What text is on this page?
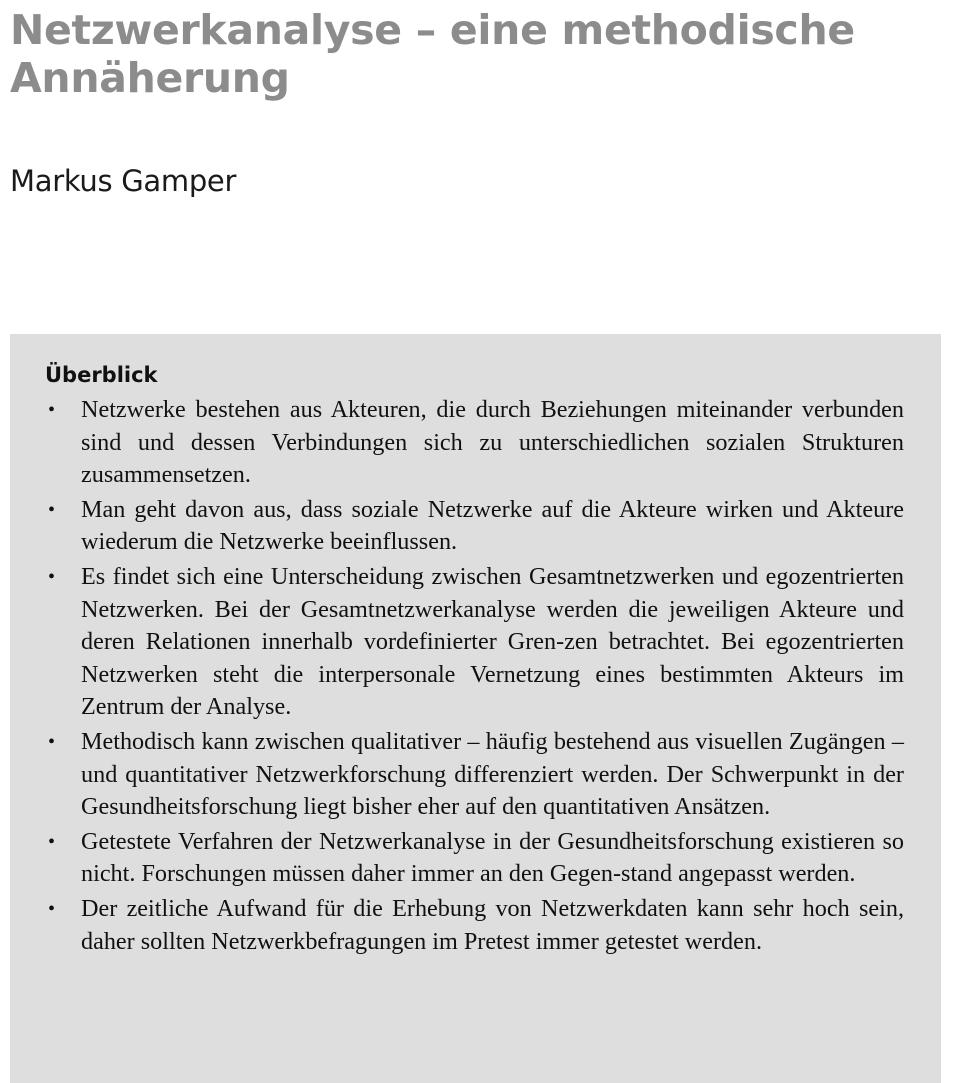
Netzwerkanalyse – eine methodische Annäherung
Markus Gamper
Überblick
• Netzwerke bestehen aus Akteuren, die durch Beziehungen miteinander verbunden sind und dessen Verbindungen sich zu unterschiedlichen sozialen Strukturen zusammensetzen.
• Man geht davon aus, dass soziale Netzwerke auf die Akteure wirken und Akteure wiederum die Netzwerke beeinflussen.
• Es findet sich eine Unterscheidung zwischen Gesamtnetzwerken und egozentrierten Netzwerken. Bei der Gesamtnetzwerkanalyse werden die jeweiligen Akteure und deren Relationen innerhalb vordefinierter Gren-zen betrachtet. Bei egozentrierten Netzwerken steht die interpersonale Vernetzung eines bestimmten Akteurs im Zentrum der Analyse.
• Methodisch kann zwischen qualitativer – häufig bestehend aus visuellen Zugängen – und quantitativer Netzwerkforschung differenziert werden. Der Schwerpunkt in der Gesundheitsforschung liegt bisher eher auf den quantitativen Ansätzen.
• Getestete Verfahren der Netzwerkanalyse in der Gesundheitsforschung existieren so nicht. Forschungen müssen daher immer an den Gegen-stand angepasst werden.
• Der zeitliche Aufwand für die Erhebung von Netzwerkdaten kann sehr hoch sein, daher sollten Netzwerkbefragungen im Pretest immer getestet werden.
